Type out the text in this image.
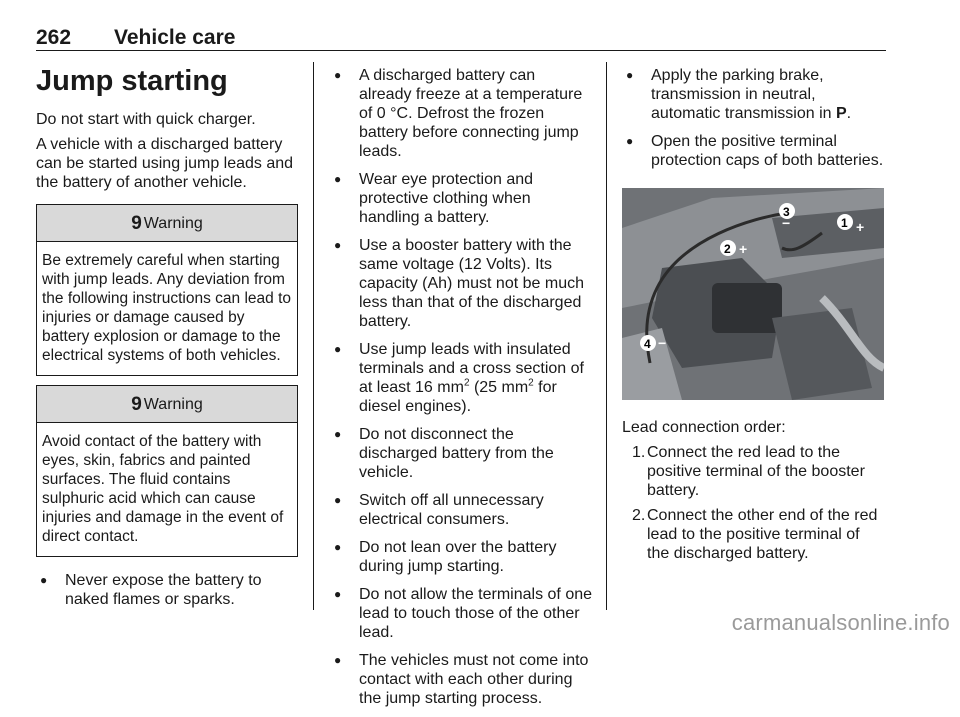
262 Vehicle care
Jump starting

Do not start with quick charger.

A vehicle with a discharged battery can be started using jump leads and the battery of another vehicle.

9 Warning
Be extremely careful when starting with jump leads. Any deviation from the following instructions can lead to injuries or damage caused by battery explosion or damage to the electrical systems of both vehicles.
9 Warning
Avoid contact of the battery with eyes, skin, fabrics and painted surfaces. The fluid contains sulphuric acid which can cause injuries and damage in the event of direct contact.
● Never expose the battery to naked flames or sparks.
● A discharged battery can already freeze at a temperature of 0 °C. Defrost the frozen battery before connecting jump leads.
● Wear eye protection and protective clothing when handling a battery.
● Use a booster battery with the same voltage (12 Volts). Its capacity (Ah) must not be much less than that of the discharged battery.
● Use jump leads with insulated terminals and a cross section of at least 16 $mm^2$ (25 $mm^2$ for diesel engines).
● Do not disconnect the discharged battery from the vehicle.
● Switch off all unnecessary electrical consumers.
● Do not lean over the battery during jump starting.
● Do not allow the terminals of one lead to touch those of the other lead.
● The vehicles must not come into contact with each other during the jump starting process.
● Apply the parking brake, transmission in neutral, automatic transmission in P.
● Open the positive terminal protection caps of both batteries.
1 +
2 +
3
−
4 −

Lead connection order:

1. Connect the red lead to the positive terminal of the booster battery.
2. Connect the other end of the red lead to the positive terminal of the discharged battery.
carmanualsonline.info
